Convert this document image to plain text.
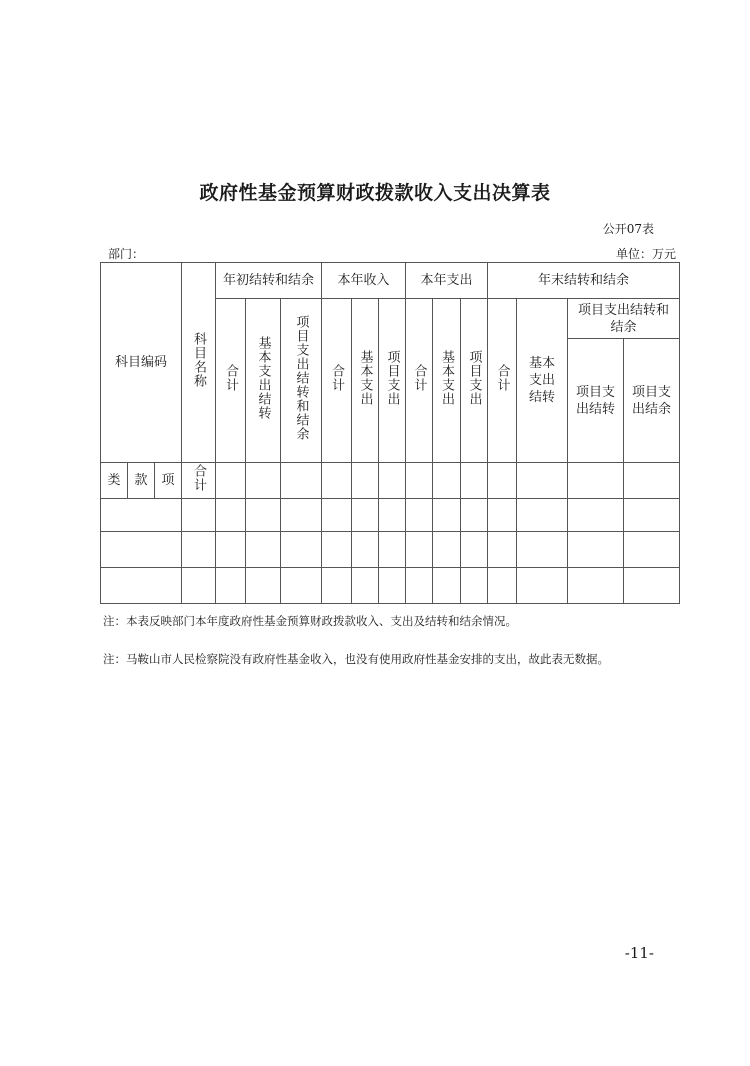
政府性基金预算财政拨款收入支出决算表
公开07表
部门：	单位：万元
科目编码			科目名称	年初结转和结余			本年收入			本年支出			年末结转和结余				
				合计	基本支出结转	项目支出结转和结余	合计	基本支出	项目支出	合计	基本支出	项目支出	合计	基本支出结转	项目支出结转和结余		
															项目支出结转	项目支出结余	
类	款	项	合计														

注：本表反映部门本年度政府性基金预算财政拨款收入、支出及结转和结余情况。
注：马鞍山市人民检察院没有政府性基金收入，也没有使用政府性基金安排的支出，故此表无数据。
-11-
